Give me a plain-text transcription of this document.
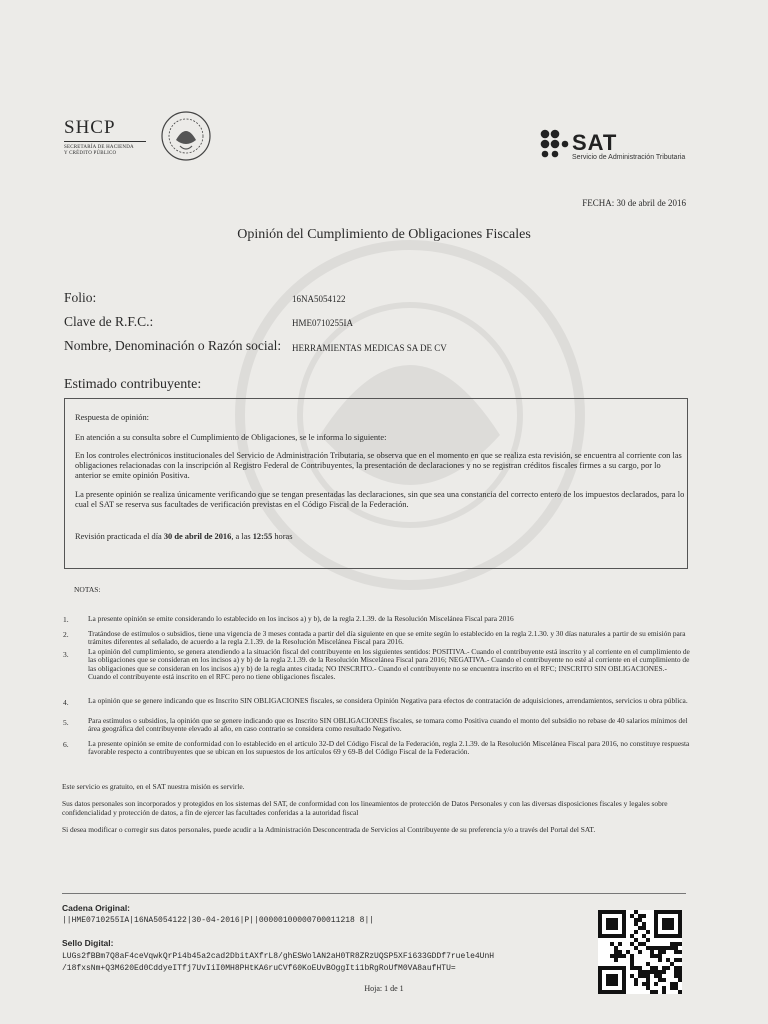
SHCP
SECRETARÍA DE HACIENDA
Y CRÉDITO PÚBLICO	SAT
Servicio de Administración Tributaria
FECHA: 30 de abril de 2016
Opinión del Cumplimiento de Obligaciones Fiscales
Folio:	16NA5054122
Clave de R.F.C.:	HME0710255IA
Nombre, Denominación o Razón social: HERRAMIENTAS MEDICAS SA DE CV
Estimado contribuyente:
Respuesta de opinión:
En atención a su consulta sobre el Cumplimiento de Obligaciones, se le informa lo siguiente:
En los controles electrónicos institucionales del Servicio de Administración Tributaria, se observa que en el momento en que se realiza esta revisión, se encuentra al corriente con las obligaciones relacionadas con la inscripción al Registro Federal de Contribuyentes, la presentación de declaraciones y no se registran créditos fiscales firmes a su cargo, por lo anterior se emite opinión Positiva.
La presente opinión se realiza únicamente verificando que se tengan presentadas las declaraciones, sin que sea una constancia del correcto entero de los impuestos declarados, para lo cual el SAT se reserva sus facultades de verificación previstas en el Código Fiscal de la Federación.
Revisión practicada el día 30 de abril de 2016, a las 12:55 horas
NOTAS:
1.	La presente opinión se emite considerando lo establecido en los incisos a) y b), de la regla 2.1.39. de la Resolución Miscelánea Fiscal para 2016
2.	Tratándose de estímulos o subsidios, tiene una vigencia de 3 meses contada a partir del día siguiente en que se emite según lo establecido en la regla 2.1.30. y 30 días naturales a partir de su emisión para trámites diferentes al señalado, de acuerdo a la regla 2.1.39. de la Resolución Miscelánea Fiscal para 2016.
3.	La opinión del cumplimiento, se genera atendiendo a la situación fiscal del contribuyente en los siguientes sentidos: POSITIVA.- Cuando el contribuyente está inscrito y al corriente en el cumplimiento de las obligaciones que se consideran en los incisos a) y b) de la regla 2.1.39. de la Resolución Miscelánea Fiscal para 2016; NEGATIVA.- Cuando el contribuyente no esté al corriente en el cumplimiento de las obligaciones que se consideran en los incisos a) y b) de la regla antes citada; NO INSCRITO.- Cuando el contribuyente no se encuentra inscrito en el RFC; INSCRITO SIN OBLIGACIONES.- Cuando el contribuyente está inscrito en el RFC pero no tiene obligaciones fiscales.
4.	La opinión que se genere indicando que es Inscrito SIN OBLIGACIONES fiscales, se considera Opinión Negativa para efectos de contratación de adquisiciones, arrendamientos, servicios u obra pública.
5.	Para estímulos o subsidios, la opinión que se genere indicando que es Inscrito SIN OBLIGACIONES fiscales, se tomara como Positiva cuando el monto del subsidio no rebase de 40 salarios mínimos del área geográfica del contribuyente elevado al año, en caso contrario se considera como resultado Negativo.
6.	La presente opinión se emite de conformidad con lo establecido en el artículo 32-D del Código Fiscal de la Federación, regla 2.1.39. de la Resolución Miscelánea Fiscal para 2016, no constituye respuesta favorable respecto a contribuyentes que se ubican en los supuestos de los artículos 69 y 69-B del Código Fiscal de la Federación.
Este servicio es gratuito, en el SAT nuestra misión es servirle.
Sus datos personales son incorporados y protegidos en los sistemas del SAT, de conformidad con los lineamientos de protección de Datos Personales y con las diversas disposiciones fiscales y legales sobre confidencialidad y protección de datos, a fin de ejercer las facultades conferidas a la autoridad fiscal
Si desea modificar o corregir sus datos personales, puede acudir a la Administración Desconcentrada de Servicios al Contribuyente de su preferencia y/o a través del Portal del SAT.
Cadena Original:
||HME0710255IA|16NA5054122|30-04-2016|P||00000100000700011218 8||
Sello Digital:
LUGs2fBBm7Q8aF4ceVqwkQrPi4b45a2cad2DbitAXfrL8/ghESWolAN2aH0TR8ZRzUQSP5XFi633GDDf7ruele4UnH
/18fxsNm+Q3M620Ed0CddyeITfj7UvIiI0MH8PHtKA6ruCVf60KoEUvBOggIti1bRgRoUfM0VA8aufHTU=
Hoja: 1 de 1
